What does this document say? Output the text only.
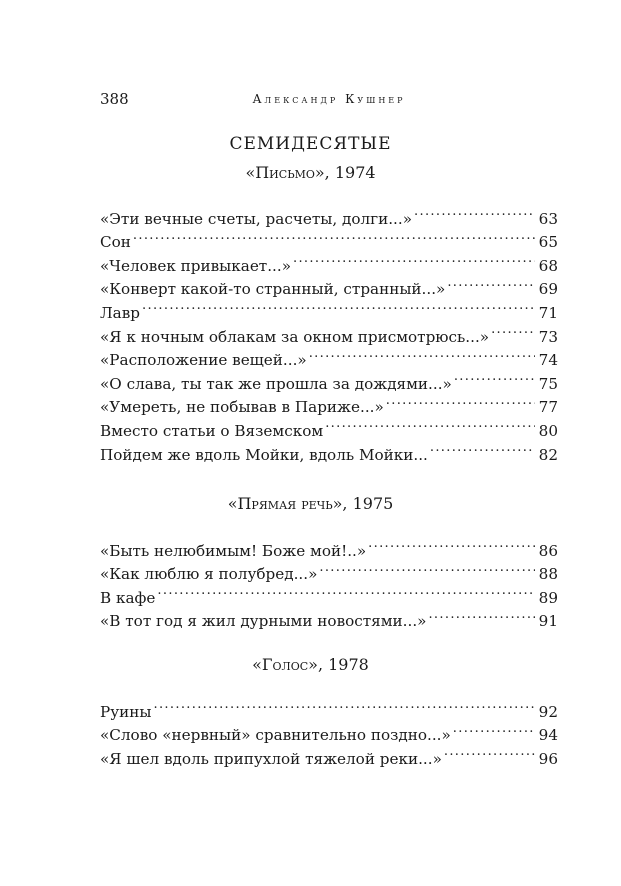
388	Александр Кушнер
СЕМИДЕСЯТЫЕ
«Письмо», 1974
«Эти вечные счеты, расчеты, долги...» . . .	63
Сон . . .	65
«Человек привыкает...» . . .	68
«Конверт какой-то странный, странный...» . . .	69
Лавр . . .	71
«Я к ночным облакам за окном присмотрюсь...» . . .	73
«Расположение вещей...» . . .	74
«О слава, ты так же прошла за дождями...» . . .	75
«Умереть, не побывав в Париже...» . . .	77
Вместо статьи о Вяземском . . .	80
Пойдем же вдоль Мойки, вдоль Мойки... . . .	82
«Прямая речь», 1975
«Быть нелюбимым! Боже мой!..» . . .	86
«Как люблю я полубред...» . . .	88
В кафе . . .	89
«В тот год я жил дурными новостями...» . . .	91
«Голос», 1978
Руины . . .	92
«Слово «нервный» сравнительно поздно...» . . .	94
«Я шел вдоль припухлой тяжелой реки...» . . .	96
